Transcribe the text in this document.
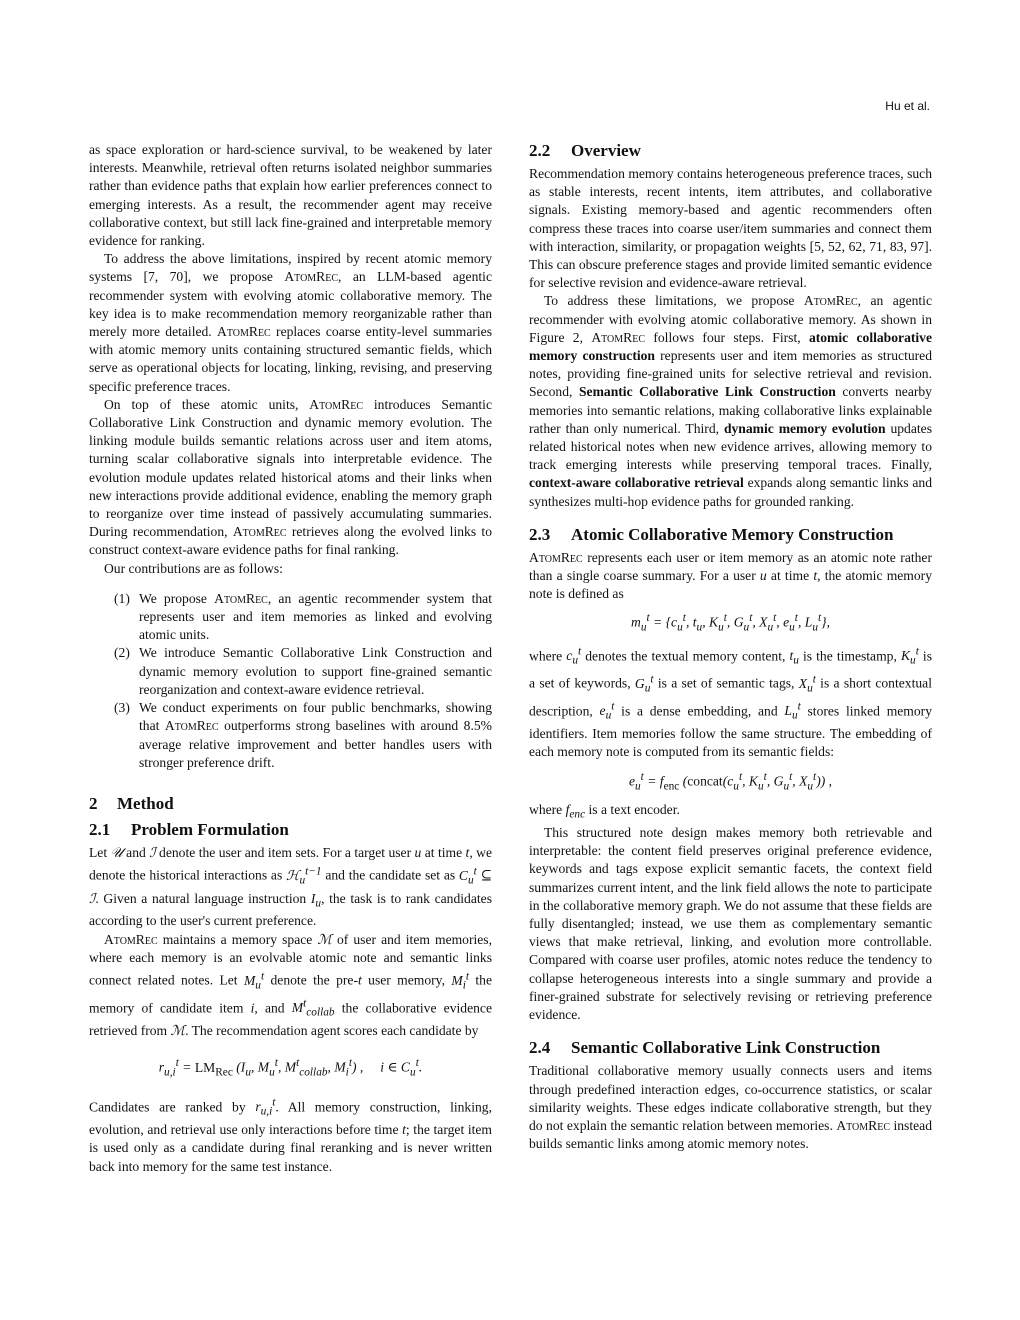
Hu et al.

as space exploration or hard-science survival, to be weakened by later interests. Meanwhile, retrieval often returns isolated neighbor summaries rather than evidence paths that explain how earlier preferences connect to emerging interests. As a result, the recommender agent may receive collaborative context, but still lack fine-grained and interpretable memory evidence for ranking.

To address the above limitations, inspired by recent atomic memory systems [7, 70], we propose AtomRec, an LLM-based agentic recommender system with evolving atomic collaborative memory. The key idea is to make recommendation memory reorganizable rather than merely more detailed. AtomRec replaces coarse entity-level summaries with atomic memory units containing structured semantic fields, which serve as operational objects for locating, linking, revising, and preserving specific preference traces.

On top of these atomic units, AtomRec introduces Semantic Collaborative Link Construction and dynamic memory evolution. The linking module builds semantic relations across user and item atoms, turning scalar collaborative signals into interpretable evidence. The evolution module updates related historical atoms and their links when new interactions provide additional evidence, enabling the memory graph to reorganize over time instead of passively accumulating summaries. During recommendation, AtomRec retrieves along the evolved links to construct context-aware evidence paths for final ranking.

Our contributions are as follows:

(1) We propose AtomRec, an agentic recommender system that represents user and item memories as linked and evolving atomic units.
(2) We introduce Semantic Collaborative Link Construction and dynamic memory evolution to support fine-grained semantic reorganization and context-aware evidence retrieval.
(3) We conduct experiments on four public benchmarks, showing that AtomRec outperforms strong baselines with around 8.5% average relative improvement and better handles users with stronger preference drift.
2 Method
2.1 Problem Formulation

Let 𝒰 and ℐ denote the user and item sets. For a target user u at time t, we denote the historical interactions as ℋ$_u^{t-1}$ and the candidate set as $C_u^t$ ⊆ ℐ. Given a natural language instruction $I_u$, the task is to rank candidates according to the user's current preference.

AtomRec maintains a memory space ℳ of user and item memories, where each memory is an evolvable atomic note and semantic links connect related notes. Let $M_u^t$ denote the pre-t user memory, $M_i^t$ the memory of candidate item i, and $M^t_{collab}$ the collaborative evidence retrieved from ℳ. The recommendation agent scores each candidate by

$r_{u,i}^t = LM_{Rec}$ ($I_u$, $M_u^t$, $M^t_{collab}$, $M_i^t$) ,     i ∈ $C_u^t$.

Candidates are ranked by $r_{u,i}^t$. All memory construction, linking, evolution, and retrieval use only interactions before time t; the target item is used only as a candidate during final reranking and is never written back into memory for the same test instance.

2.2 Overview

Recommendation memory contains heterogeneous preference traces, such as stable interests, recent intents, item attributes, and collaborative signals. Existing memory-based and agentic recommenders often compress these traces into coarse user/item summaries and connect them with interaction, similarity, or propagation weights [5, 52, 62, 71, 83, 97]. This can obscure preference stages and provide limited semantic evidence for selective revision and evidence-aware retrieval.

To address these limitations, we propose AtomRec, an agentic recommender with evolving atomic collaborative memory. As shown in Figure 2, AtomRec follows four steps. First, atomic collaborative memory construction represents user and item memories as structured notes, providing fine-grained units for selective retrieval and revision. Second, Semantic Collaborative Link Construction converts nearby memories into semantic relations, making collaborative links explainable rather than only numerical. Third, dynamic memory evolution updates related historical notes when new evidence arrives, allowing memory to track emerging interests while preserving temporal traces. Finally, context-aware collaborative retrieval expands along semantic links and synthesizes multi-hop evidence paths for grounded ranking.

2.3 Atomic Collaborative Memory Construction

AtomRec represents each user or item memory as an atomic note rather than a single coarse summary. For a user u at time t, the atomic memory note is defined as

$m_u^t = \{c_u^t$, $t_u$, $K_u^t$, $G_u^t$, $X_u^t$, $e_u^t$, $L_u^t$},

where $c_u^t$ denotes the textual memory content, $t_u$ is the timestamp, $K_u^t$ is a set of keywords, $G_u^t$ is a set of semantic tags, $X_u^t$ is a short contextual description, $e_u^t$ is a dense embedding, and $L_u^t$ stores linked memory identifiers. Item memories follow the same structure. The embedding of each memory note is computed from its semantic fields:

$e_u^t = f_{enc}$ ($concat(c_u^t$, $K_u^t$, $G_u^t$, $X_u^t$)) ,

where $f_{enc}$ is a text encoder.

This structured note design makes memory both retrievable and interpretable: the content field preserves original preference evidence, keywords and tags expose explicit semantic facets, the context field summarizes current intent, and the link field allows the note to participate in the collaborative memory graph. We do not assume that these fields are fully disentangled; instead, we use them as complementary semantic views that make retrieval, linking, and evolution more controllable. Compared with coarse user profiles, atomic notes reduce the tendency to collapse heterogeneous interests into a single summary and provide a finer-grained substrate for selectively revising or retrieving preference evidence.

2.4 Semantic Collaborative Link Construction

Traditional collaborative memory usually connects users and items through predefined interaction edges, co-occurrence statistics, or scalar similarity weights. These edges indicate collaborative strength, but they do not explain the semantic relation between memories. AtomRec instead builds semantic links among atomic memory notes.
